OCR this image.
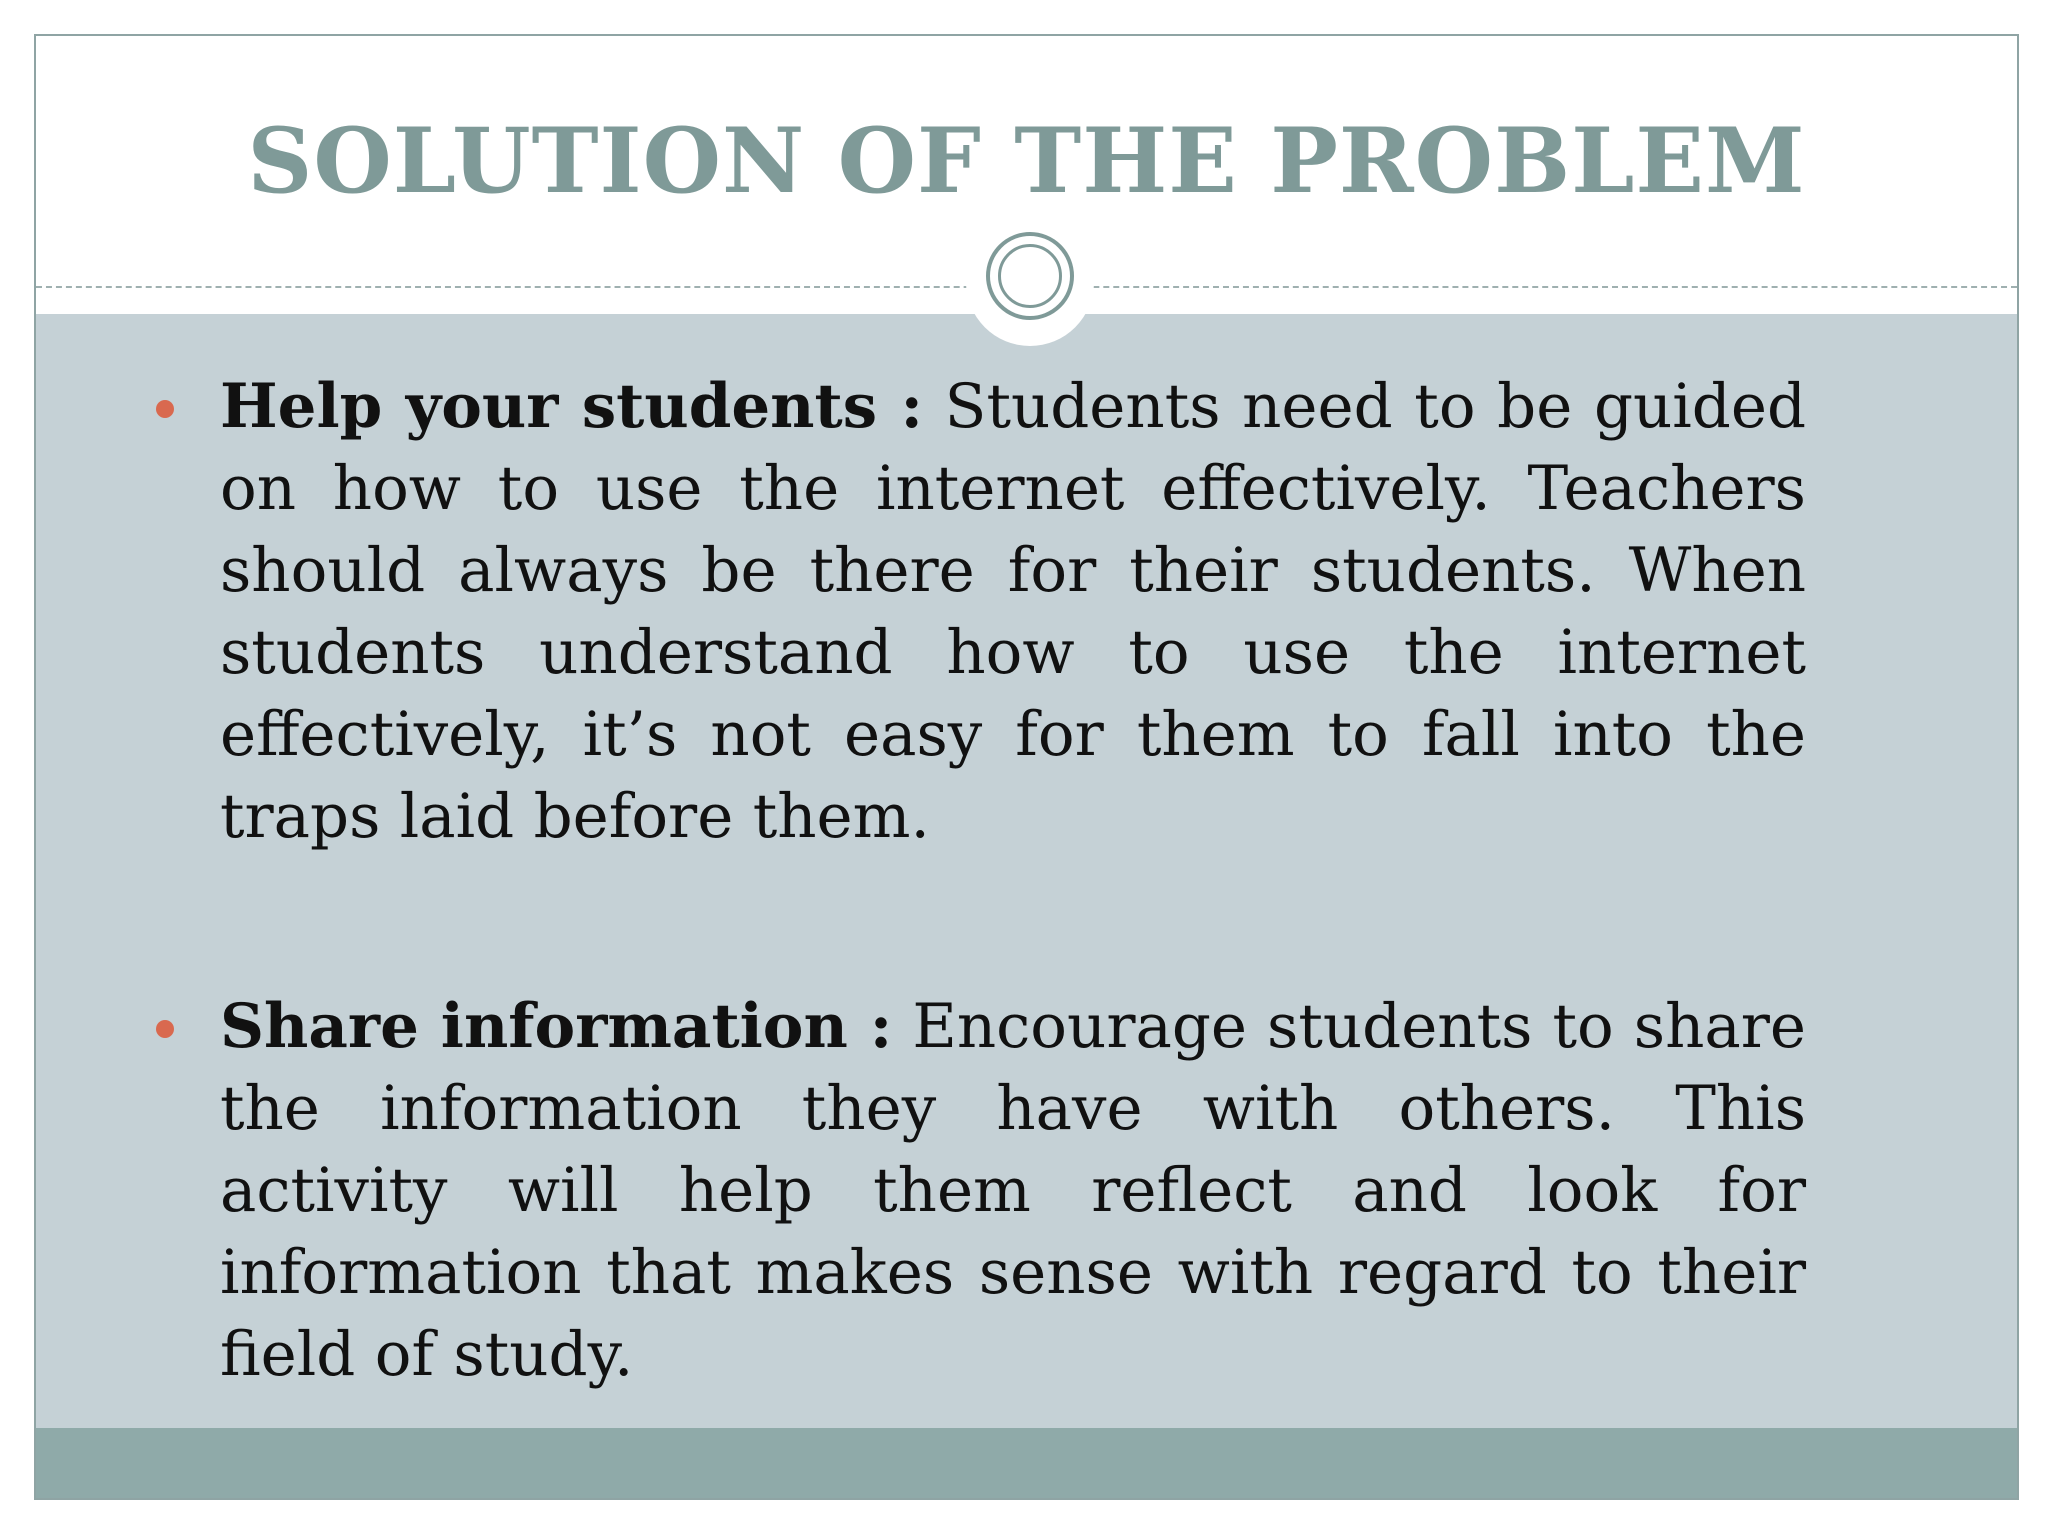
SOLUTION OF THE PROBLEM
Help your students : Students need to be guided on how to use the internet effectively. Teachers should always be there for their students. When students understand how to use the internet effectively, it’s not easy for them to fall into the traps laid before them.
Share information : Encourage students to share the information they have with others. This activity will help them reflect and look for information that makes sense with regard to their field of study.
